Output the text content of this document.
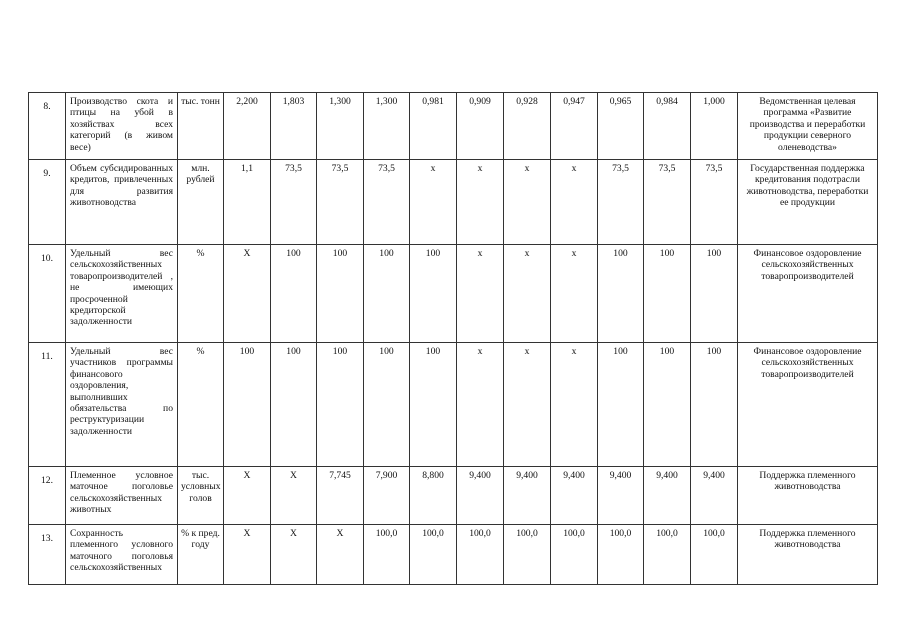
8.	Производство скота и птицы на убой в хозяйствах всех категорий (в живом весе)	тыс. тонн	2,200	1,803	1,300	1,300	0,981	0,909	0,928	0,947	0,965	0,984	1,000	Ведомственная целевая программа «Развитие производства и переработки продукции северного оленеводства»
9.	Объем субсидированных кредитов, привлеченных для развития животноводства	млн. рублей	1,1	73,5	73,5	73,5	x	x	x	x	73,5	73,5	73,5	Государственная поддержка кредитования подотрасли животноводства, переработки ее продукции
10.	Удельный вес сельскохозяйственных товаропроизводителей , не имеющих просроченной кредиторской задолженности	%	X	100	100	100	100	x	x	x	100	100	100	Финансовое оздоровление сельскохозяйственных товаропроизводителей
11.	Удельный вес участников программы финансового оздоровления, выполнивших обязательства по реструктуризации задолженности	%	100	100	100	100	100	x	x	x	100	100	100	Финансовое оздоровление сельскохозяйственных товаропроизводителей
12.	Племенное условное маточное поголовье сельскохозяйственных животных	тыс. условных голов	X	X	7,745	7,900	8,800	9,400	9,400	9,400	9,400	9,400	9,400	Поддержка племенного животноводства
13.	Сохранность племенного условного маточного поголовья сельскохозяйственных	% к пред. году	X	X	X	100,0	100,0	100,0	100,0	100,0	100,0	100,0	100,0	Поддержка племенного животноводства
